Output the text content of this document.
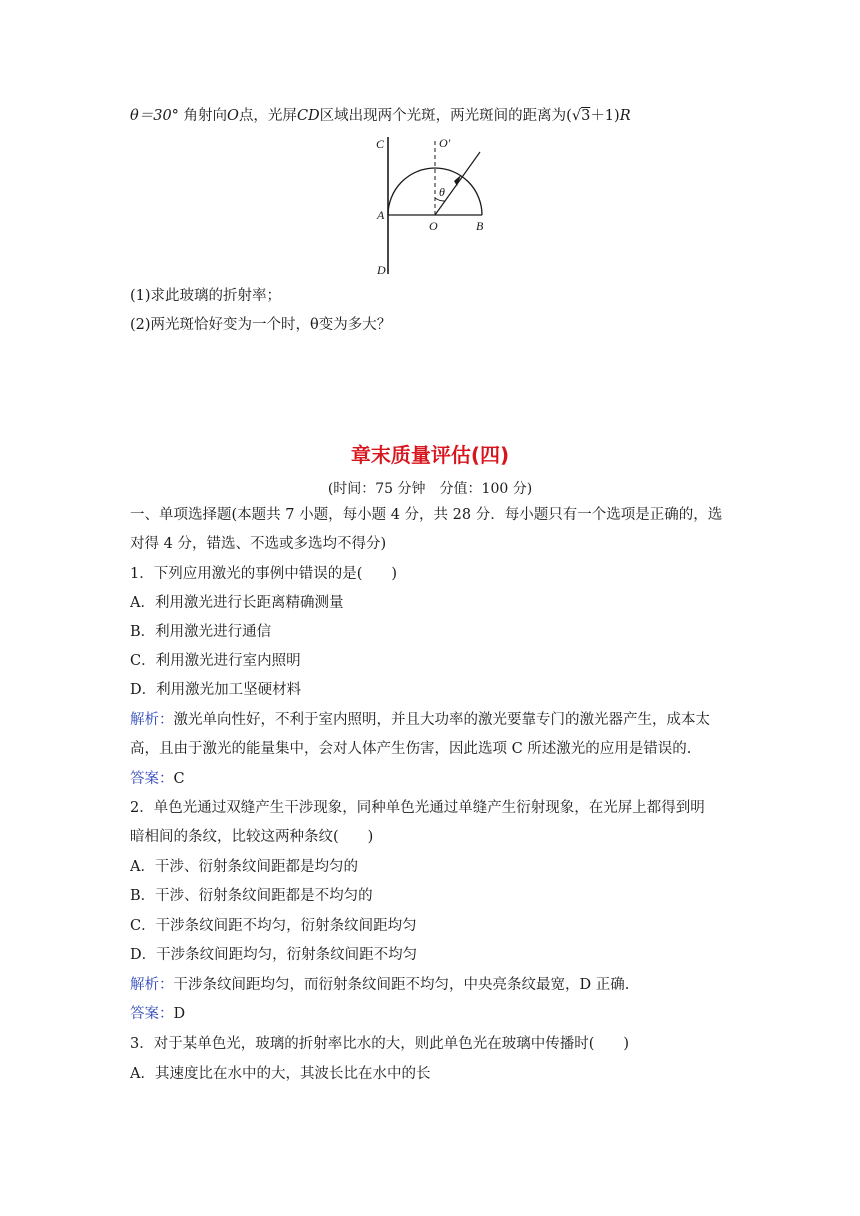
θ＝30° 角射向O点，光屏CD区域出现两个光斑，两光斑间的距离为(√3＋1)R
C	O′
θ
A
O	B
D
(1)求此玻璃的折射率；
(2)两光斑恰好变为一个时，θ变为多大？
章末质量评估(四)
(时间：75 分钟　分值：100 分)
一、单项选择题(本题共 7 小题，每小题 4 分，共 28 分．每小题只有一个选项是正确的，选
对得 4 分，错选、不选或多选均不得分)
1．下列应用激光的事例中错误的是(　　)
A．利用激光进行长距离精确测量
B．利用激光进行通信
C．利用激光进行室内照明
D．利用激光加工坚硬材料
解析：激光单向性好，不利于室内照明，并且大功率的激光要靠专门的激光器产生，成本太
高，且由于激光的能量集中，会对人体产生伤害，因此选项 C 所述激光的应用是错误的.
答案：C
2．单色光通过双缝产生干涉现象，同种单色光通过单缝产生衍射现象，在光屏上都得到明
暗相间的条纹，比较这两种条纹(　　)
A．干涉、衍射条纹间距都是均匀的
B．干涉、衍射条纹间距都是不均匀的
C．干涉条纹间距不均匀，衍射条纹间距均匀
D．干涉条纹间距均匀，衍射条纹间距不均匀
解析：干涉条纹间距均匀，而衍射条纹间距不均匀，中央亮条纹最宽，D 正确.
答案：D
3．对于某单色光，玻璃的折射率比水的大，则此单色光在玻璃中传播时(　　)
A．其速度比在水中的大，其波长比在水中的长
